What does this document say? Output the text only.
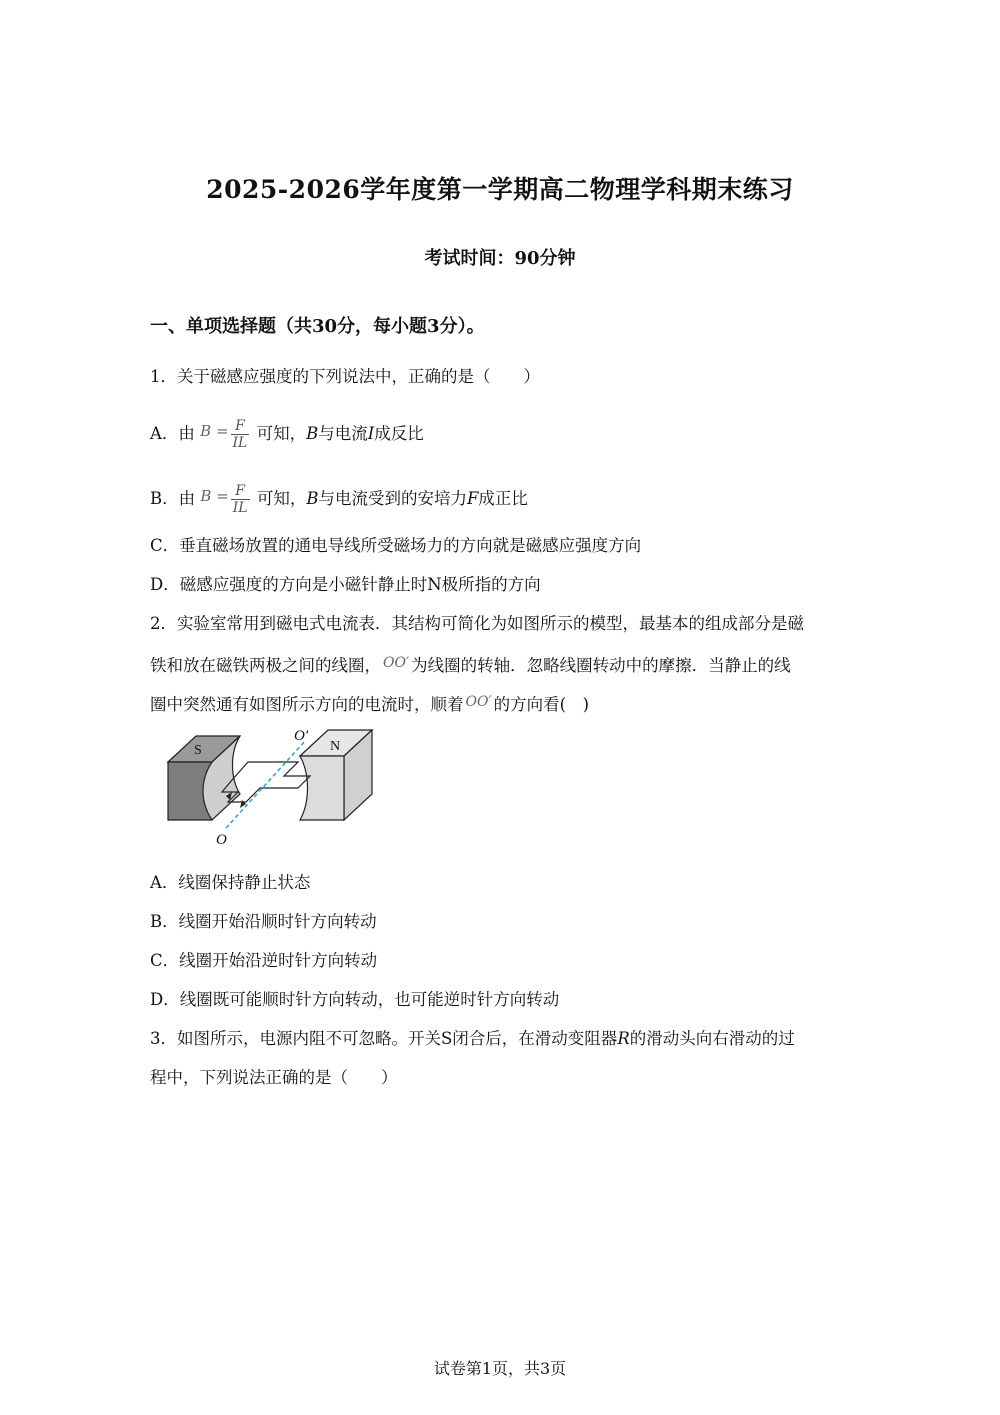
2025-2026学年度第一学期高二物理学科期末练习
考试时间：90分钟
一、单项选择题（共30分，每小题3分）。
1．关于磁感应强度的下列说法中，正确的是（　　）
A．由 $B = \frac{F}{IL}$ 可知，B与电流I成反比
B．由 $B = \frac{F}{IL}$ 可知，B与电流受到的安培力F成正比
C．垂直磁场放置的通电导线所受磁场力的方向就是磁感应强度方向
D．磁感应强度的方向是小磁针静止时N极所指的方向
2．实验室常用到磁电式电流表．其结构可简化为如图所示的模型，最基本的组成部分是磁
铁和放在磁铁两极之间的线圈， $^{OO'}$ 为线圈的转轴．忽略线圈转动中的摩擦．当静止的线
圈中突然通有如图所示方向的电流时，顺着 $^{OO'}$ 的方向看(　)
S	N
O
O′
A．线圈保持静止状态
B．线圈开始沿顺时针方向转动
C．线圈开始沿逆时针方向转动
D．线圈既可能顺时针方向转动，也可能逆时针方向转动
3．如图所示，电源内阻不可忽略。开关S闭合后，在滑动变阻器R的滑动头向右滑动的过
程中，下列说法正确的是（　　）
试卷第1页，共3页
